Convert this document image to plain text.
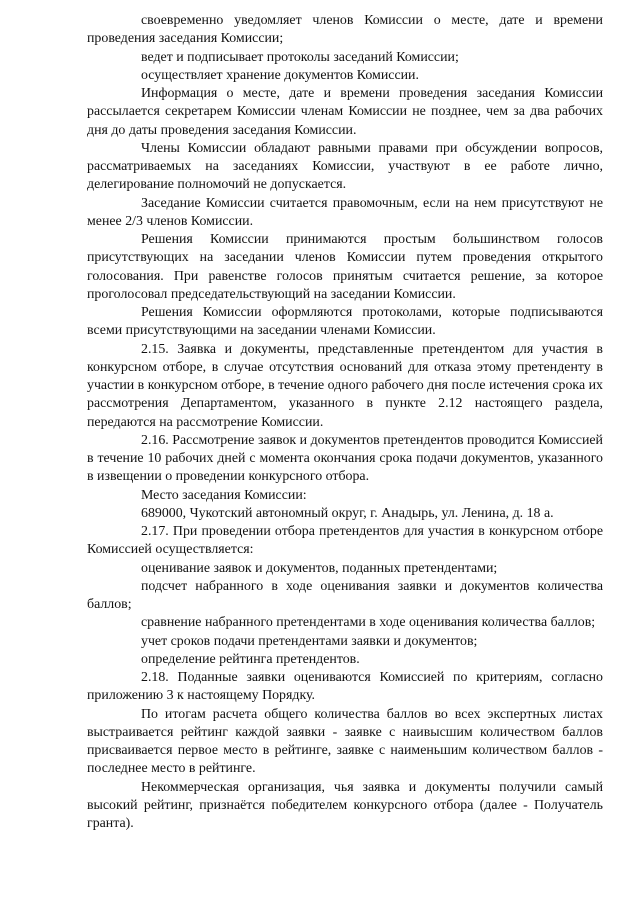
своевременно уведомляет членов Комиссии о месте, дате и времени проведения заседания Комиссии;

ведет и подписывает протоколы заседаний Комиссии;

осуществляет хранение документов Комиссии.

Информация о месте, дате и времени проведения заседания Комиссии рассылается секретарем Комиссии членам Комиссии не позднее, чем за два рабочих дня до даты проведения заседания Комиссии.

Члены Комиссии обладают равными правами при обсуждении вопросов, рассматриваемых на заседаниях Комиссии, участвуют в ее работе лично, делегирование полномочий не допускается.

Заседание Комиссии считается правомочным, если на нем присутствуют не менее 2/3 членов Комиссии.

Решения Комиссии принимаются простым большинством голосов присутствующих на заседании членов Комиссии путем проведения открытого голосования. При равенстве голосов принятым считается решение, за которое проголосовал председательствующий на заседании Комиссии.

Решения Комиссии оформляются протоколами, которые подписываются всеми присутствующими на заседании членами Комиссии.

2.15. Заявка и документы, представленные претендентом для участия в конкурсном отборе, в случае отсутствия оснований для отказа этому претенденту в участии в конкурсном отборе, в течение одного рабочего дня после истечения срока их рассмотрения Департаментом, указанного в пункте 2.12 настоящего раздела, передаются на рассмотрение Комиссии.

2.16. Рассмотрение заявок и документов претендентов проводится Комиссией в течение 10 рабочих дней с момента окончания срока подачи документов, указанного в извещении о проведении конкурсного отбора.

Место заседания Комиссии:

689000, Чукотский автономный округ, г. Анадырь, ул. Ленина, д. 18 а.

2.17. При проведении отбора претендентов для участия в конкурсном отборе Комиссией осуществляется:

оценивание заявок и документов, поданных претендентами;

подсчет набранного в ходе оценивания заявки и документов количества баллов;

сравнение набранного претендентами в ходе оценивания количества баллов;

учет сроков подачи претендентами заявки и документов;

определение рейтинга претендентов.

2.18. Поданные заявки оцениваются Комиссией по критериям, согласно приложению 3 к настоящему Порядку.

По итогам расчета общего количества баллов во всех экспертных листах выстраивается рейтинг каждой заявки - заявке с наивысшим количеством баллов присваивается первое место в рейтинге, заявке с наименьшим количеством баллов - последнее место в рейтинге.

Некоммерческая организация, чья заявка и документы получили самый высокий рейтинг, признаётся победителем конкурсного отбора (далее - Получатель гранта).
